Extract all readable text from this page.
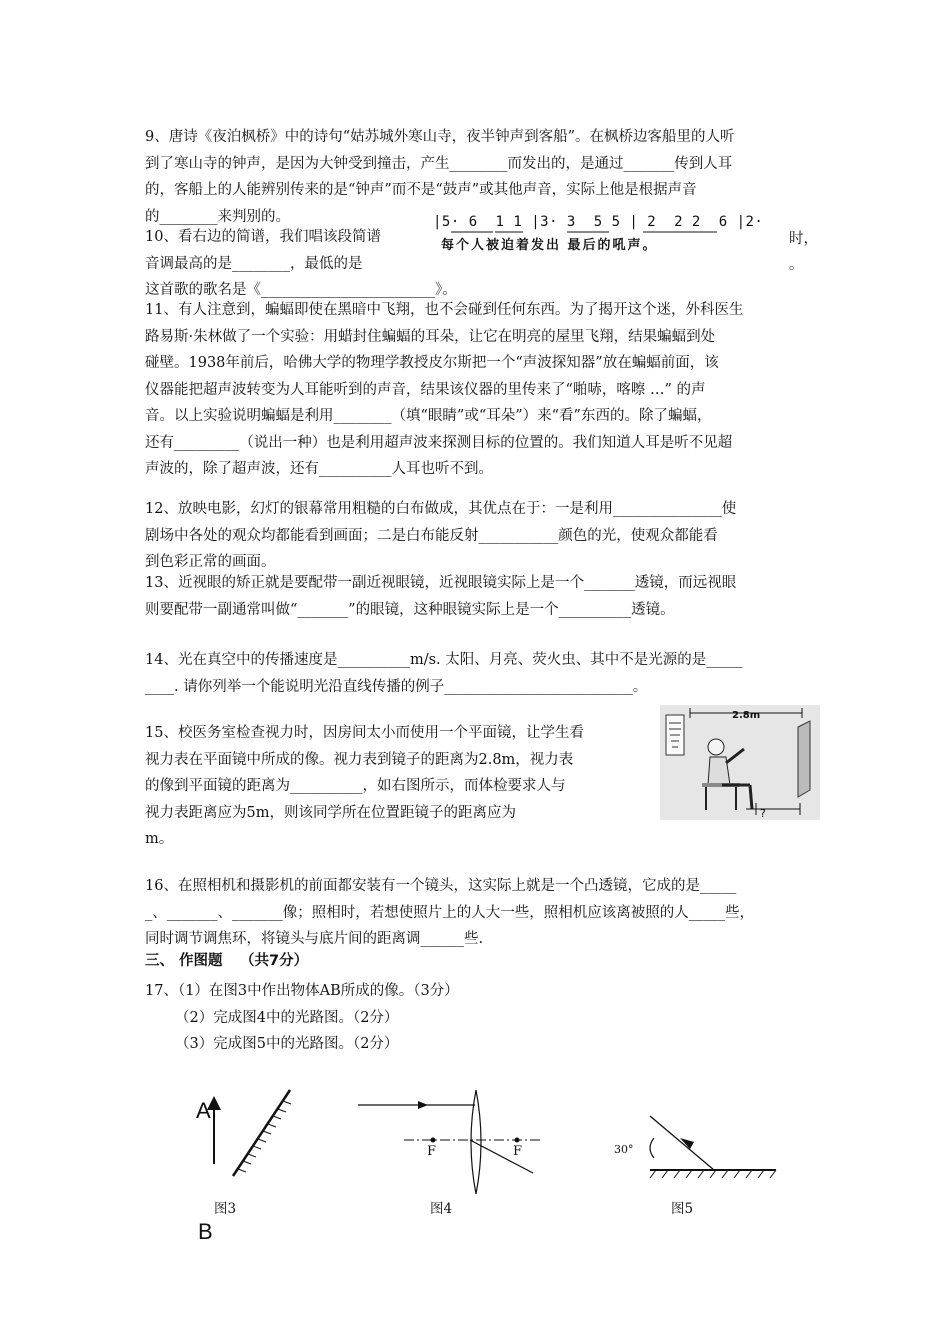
9、唐诗《夜泊枫桥》中的诗句“姑苏城外寒山寺，夜半钟声到客船”。在枫桥边客船里的人听
到了寒山寺的钟声，是因为大钟受到撞击，产生________而发出的，是通过_______传到人耳
的，客船上的人能辨别传来的是“钟声”而不是“鼓声”或其他声音，实际上他是根据声音
的________来判别的。
10、看右边的简谱，我们唱该段简谱
音调最高的是________，最低的是
这首歌的歌名是《________________________》。
|5· 6  1 1 |3· 3  5 5 | 2  2 2  6 |2·
每个人被迫着发出 最后的吼声。	时，
。
11、有人注意到，蝙蝠即使在黑暗中飞翔，也不会碰到任何东西。为了揭开这个迷，外科医生
路易斯·朱林做了一个实验：用蜡封住蝙蝠的耳朵，让它在明亮的屋里飞翔，结果蝙蝠到处
碰壁。1938年前后，哈佛大学的物理学教授皮尔斯把一个“声波探知器”放在蝙蝠前面，该
仪器能把超声波转变为人耳能听到的声音，结果该仪器的里传来了“啪哧，喀嚓 …” 的声
音。以上实验说明蝙蝠是利用________（填“眼睛”或“耳朵”）来“看”东西的。除了蝙蝠，
还有_________（说出一种）也是利用超声波来探测目标的位置的。我们知道人耳是听不见超
声波的，除了超声波，还有__________人耳也听不到。
12、放映电影，幻灯的银幕常用粗糙的白布做成，其优点在于：一是利用_______________使
剧场中各处的观众均都能看到画面；二是白布能反射___________颜色的光，使观众都能看
到色彩正常的画面。
13、近视眼的矫正就是要配带一副近视眼镜，近视眼镜实际上是一个_______透镜，而远视眼
则要配带一副通常叫做“_______”的眼镜，这种眼镜实际上是一个__________透镜。
14、光在真空中的传播速度是__________m/s. 太阳、月亮、荧火虫、其中不是光源的是_____
____. 请你列举一个能说明光沿直线传播的例子__________________________。
15、校医务室检查视力时，因房间太小而使用一个平面镜，让学生看
视力表在平面镜中所成的像。视力表到镜子的距离为2.8m，视力表
的像到平面镜的距离为__________，如右图所示，而体检要求人与
视力表距离应为5m，则该同学所在位置距镜子的距离应为
m。
2.8m
?
16、在照相机和摄影机的前面都安装有一个镜头，这实际上就是一个凸透镜，它成的是_____
_、_______、_______像；照相时，若想使照片上的人大一些，照相机应该离被照的人_____些，
同时调节调焦环，将镜头与底片间的距离调______些.
三、 作图题 （共7分）
17、（1）在图3中作出物体AB所成的像。（3分）
（2）完成图4中的光路图。（2分）
（3）完成图5中的光路图。（2分）
A
B
F	F	30°
图3	图4	图5
